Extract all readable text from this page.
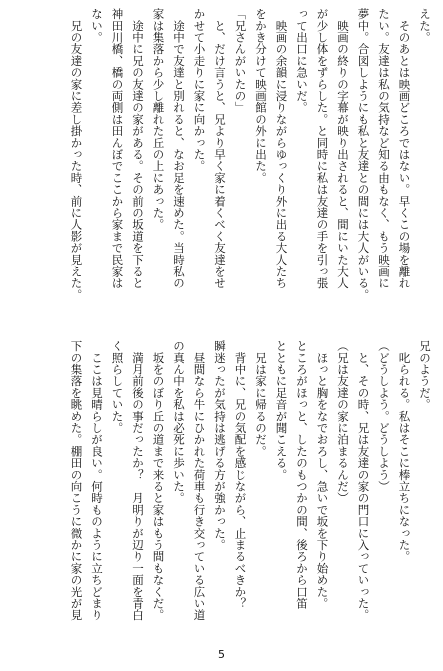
えた。
　そのあとは映画どころではない。早くこの場を離れ
たい。友達は私の気持など知る由もなく、もう映画に
夢中。合図しようにも私と友達との間には大人がいる。
　映画の終りの字幕が映り出されると、間にいた大人
が少し体をずらした。と同時に私は友達の手を引っ張
って出口に急いだ。
　映画の余韻に浸りながらゆっくり外に出る大人たち
をかき分けて映画館の外に出た。
「兄さんがいたの」
　と、だけ言うと、兄より早く家に着くべく友達をせ
かせて小走りに家に向かった。
　途中で友達と別れると、なお足を速めた。当時私の
家は集落から少し離れた丘の上にあった。
　途中に兄の友達の家がある。その前の坂道を下ると
神田川橋、橋の両側は田んぼでここから家まで民家は
ない。
　兄の友達の家に差し掛かった時、前に人影が見えた。
兄のようだ。
　叱られる。私はそこに棒立ちになった。
（どうしよう。どうしよう）
　と、その時、兄は友達の家の門口に入っていった。
（兄は友達の家に泊まるんだ）
　ほっと胸をなでおろし、急いで坂を下り始めた。
ところがほっと、したのもつかの間、後ろから口笛
とともに足音が聞こえる。
　兄は家に帰るのだ。
　背中に、兄の気配を感じながら、止まるべきか？　
瞬迷ったが気持は逃げる方が強かった。
　昼間なら牛にひかれた荷車も行き交っている広い道
の真ん中を私は必死に歩いた。
　坂をのぼり丘の道まで来ると家はもう間もなくだ。
　満月前後の事だったか？　月明りが辺り一面を青白
く照らしていた。
　ここは見晴らしが良い。何時ものように立ちどまり
下の集落を眺めた。棚田の向こうに微かに家の光が見
5
